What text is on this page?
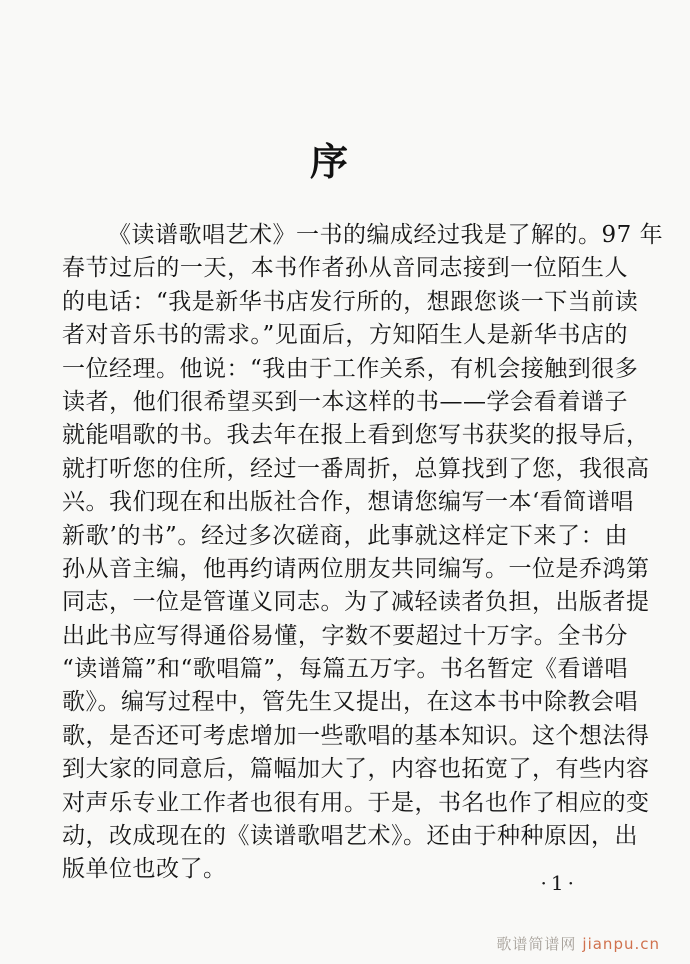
序
《读谱歌唱艺术》一书的编成经过我是了解的。97 年
春节过后的一天，本书作者孙从音同志接到一位陌生人
的电话：“我是新华书店发行所的，想跟您谈一下当前读
者对音乐书的需求。”见面后，方知陌生人是新华书店的
一位经理。他说：“我由于工作关系，有机会接触到很多
读者，他们很希望买到一本这样的书——学会看着谱子
就能唱歌的书。我去年在报上看到您写书获奖的报导后，
就打听您的住所，经过一番周折，总算找到了您，我很高
兴。我们现在和出版社合作，想请您编写一本‘看简谱唱
新歌’的书”。经过多次磋商，此事就这样定下来了：由
孙从音主编，他再约请两位朋友共同编写。一位是乔鸿第
同志，一位是管谨义同志。为了减轻读者负担，出版者提
出此书应写得通俗易懂，字数不要超过十万字。全书分
“读谱篇”和“歌唱篇”，每篇五万字。书名暂定《看谱唱
歌》。编写过程中，管先生又提出，在这本书中除教会唱
歌，是否还可考虑增加一些歌唱的基本知识。这个想法得
到大家的同意后，篇幅加大了，内容也拓宽了，有些内容
对声乐专业工作者也很有用。于是，书名也作了相应的变
动，改成现在的《读谱歌唱艺术》。还由于种种原因，出
版单位也改了。
·1·
歌谱简谱网 jianpu.cn
